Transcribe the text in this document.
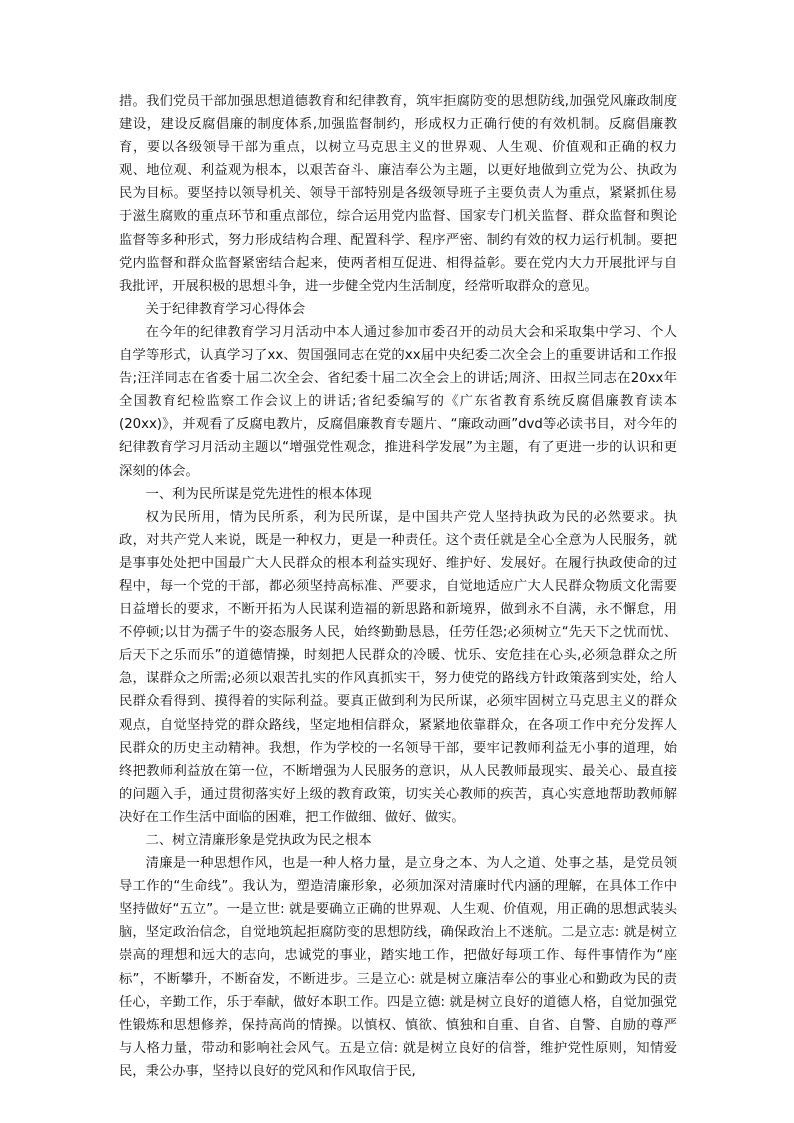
措。我们党员干部加强思想道德教育和纪律教育，筑牢拒腐防变的思想防线,加强党风廉政制度建设，建设反腐倡廉的制度体系,加强监督制约，形成权力正确行使的有效机制。反腐倡廉教育，要以各级领导干部为重点，以树立马克思主义的世界观、人生观、价值观和正确的权力观、地位观、利益观为根本，以艰苦奋斗、廉洁奉公为主题，以更好地做到立党为公、执政为民为目标。要坚持以领导机关、领导干部特别是各级领导班子主要负责人为重点，紧紧抓住易于滋生腐败的重点环节和重点部位，综合运用党内监督、国家专门机关监督、群众监督和舆论监督等多种形式，努力形成结构合理、配置科学、程序严密、制约有效的权力运行机制。要把党内监督和群众监督紧密结合起来，使两者相互促进、相得益彰。要在党内大力开展批评与自我批评，开展积极的思想斗争，进一步健全党内生活制度，经常听取群众的意见。

关于纪律教育学习心得体会

在今年的纪律教育学习月活动中本人通过参加市委召开的动员大会和采取集中学习、个人自学等形式，认真学习了xx、贺国强同志在党的xx届中央纪委二次全会上的重要讲话和工作报告;汪洋同志在省委十届二次全会、省纪委十届二次全会上的讲话;周济、田叔兰同志在20xx年全国教育纪检监察工作会议上的讲话;省纪委编写的《广东省教育系统反腐倡廉教育读本(20xx)》，并观看了反腐电教片，反腐倡廉教育专题片、“廉政动画”dvd等必读书目，对今年的纪律教育学习月活动主题以“增强党性观念，推进科学发展”为主题，有了更进一步的认识和更深刻的体会。

一、利为民所谋是党先进性的根本体现

权为民所用，情为民所系，利为民所谋，是中国共产党人坚持执政为民的必然要求。执政，对共产党人来说，既是一种权力，更是一种责任。这个责任就是全心全意为人民服务，就是事事处处把中国最广大人民群众的根本利益实现好、维护好、发展好。在履行执政使命的过程中，每一个党的干部，都必须坚持高标准、严要求，自觉地适应广大人民群众物质文化需要日益增长的要求，不断开拓为人民谋利造福的新思路和新境界，做到永不自满，永不懈怠，用不停顿;以甘为孺子牛的姿态服务人民，始终勤勤恳恳，任劳任怨;必须树立“先天下之忧而忧、后天下之乐而乐”的道德情操，时刻把人民群众的冷暖、忧乐、安危挂在心头,必须急群众之所急，谋群众之所需;必须以艰苦扎实的作风真抓实干，努力使党的路线方针政策落到实处，给人民群众看得到、摸得着的实际利益。要真正做到利为民所谋，必须牢固树立马克思主义的群众观点，自觉坚持党的群众路线，坚定地相信群众，紧紧地依靠群众，在各项工作中充分发挥人民群众的历史主动精神。我想，作为学校的一名领导干部，要牢记教师利益无小事的道理，始终把教师利益放在第一位，不断增强为人民服务的意识，从人民教师最现实、最关心、最直接的问题入手，通过贯彻落实好上级的教育政策，切实关心教师的疾苦，真心实意地帮助教师解决好在工作生活中面临的困难，把工作做细、做好、做实。

二、树立清廉形象是党执政为民之根本

清廉是一种思想作风，也是一种人格力量，是立身之本、为人之道、处事之基，是党员领导工作的“生命线”。我认为，塑造清廉形象，必须加深对清廉时代内涵的理解，在具体工作中坚持做好“五立”。一是立世: 就是要确立正确的世界观、人生观、价值观，用正确的思想武装头脑，坚定政治信念，自觉地筑起拒腐防变的思想防线，确保政治上不迷航。二是立志: 就是树立崇高的理想和远大的志向，忠诚党的事业，踏实地工作，把做好每项工作、每件事情作为“座标”，不断攀升，不断奋发，不断进步。三是立心: 就是树立廉洁奉公的事业心和勤政为民的责任心，辛勤工作，乐于奉献，做好本职工作。四是立德: 就是树立良好的道德人格，自觉加强党性锻炼和思想修养，保持高尚的情操。以慎权、慎欲、慎独和自重、自省、自警、自励的尊严与人格力量，带动和影响社会风气。五是立信: 就是树立良好的信誉，维护党性原则，知情爱民，秉公办事，坚持以良好的党风和作风取信于民,
